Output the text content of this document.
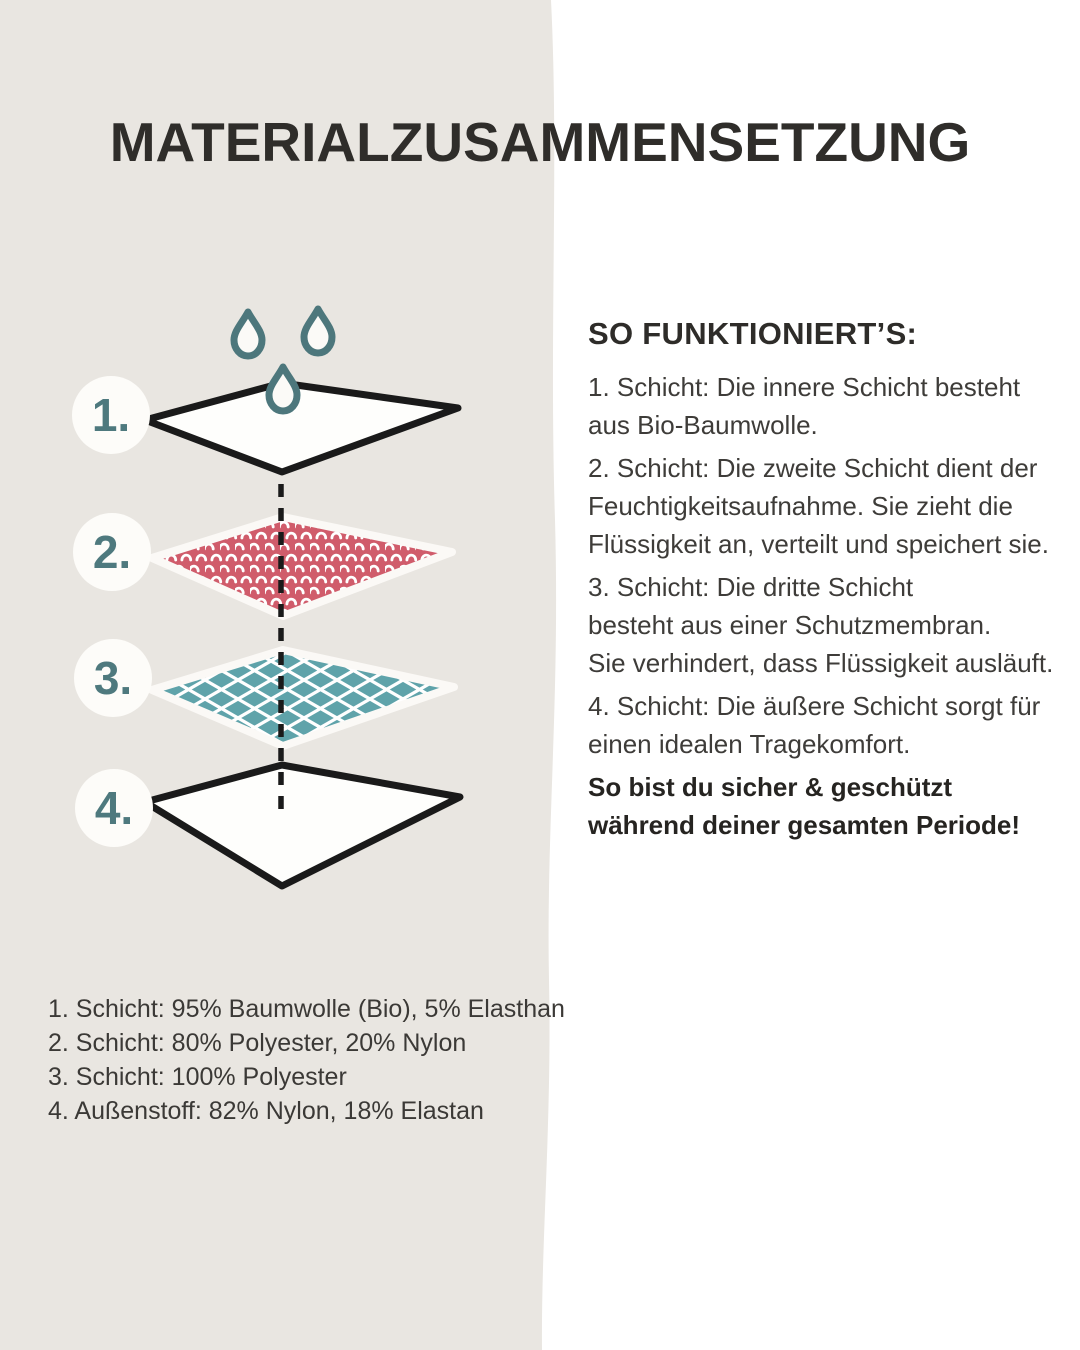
MATERIALZUSAMMENSETZUNG
1.
2.
3.
4.
SO FUNKTIONIERT’S:
1. Schicht: Die innere Schicht besteht
aus Bio-Baumwolle.
2. Schicht: Die zweite Schicht dient der
Feuchtigkeitsaufnahme. Sie zieht die
Flüssigkeit an, verteilt und speichert sie.
3. Schicht: Die dritte Schicht
besteht aus einer Schutzmembran.
Sie verhindert, dass Flüssigkeit ausläuft.
4. Schicht: Die äußere Schicht sorgt für
einen idealen Tragekomfort.
So bist du sicher & geschützt
während deiner gesamten Periode!
1. Schicht: 95% Baumwolle (Bio), 5% Elasthan
2. Schicht: 80% Polyester, 20% Nylon
3. Schicht: 100% Polyester
4. Außenstoff: 82% Nylon, 18% Elastan
